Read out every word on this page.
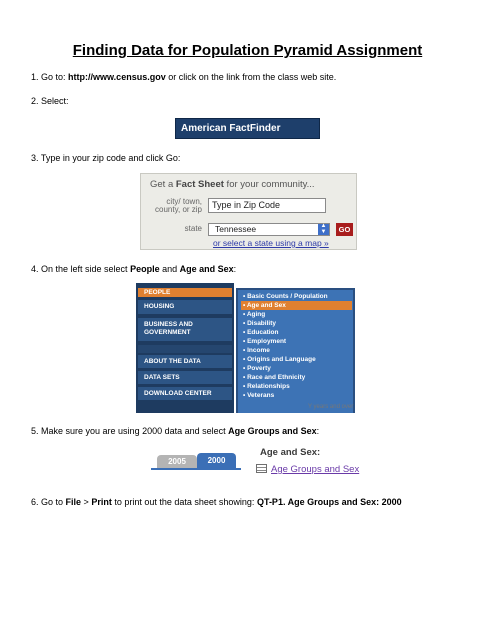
Finding Data for Population Pyramid Assignment
1. Go to: http://www.census.gov or click on the link from the class web site.
2. Select:
American FactFinder
3. Type in your zip code and click Go:
Get a Fact Sheet for your community...
city/ town,
county, or zip	Type in Zip Code
state	Tennessee	▲
▼	GO
or select a state using a map »
4. On the left side select People and Age and Sex:
PEOPLE
HOUSING
BUSINESS AND
GOVERNMENT
ABOUT THE DATA
DATA SETS
DOWNLOAD CENTER
• Basic Counts / Population
• Age and Sex
• Aging
• Disability
• Education
• Employment
• Income
• Origins and Language
• Poverty
• Race and Ethnicity
• Relationships
• Veterans
Y years and over
5. Make sure you are using 2000 data and select Age Groups and Sex:
2005	2000
Age and Sex:
Age Groups and Sex
6. Go to File > Print to print out the data sheet showing: QT-P1. Age Groups and Sex: 2000
